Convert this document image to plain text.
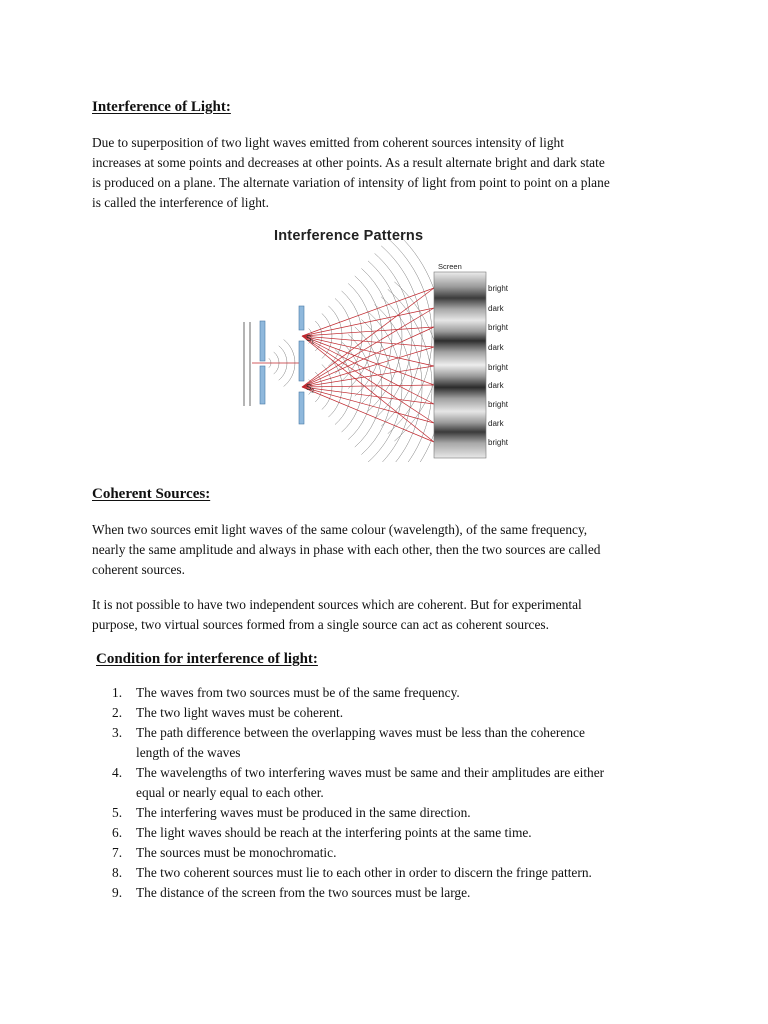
Interference of Light:
Due to superposition of two light waves emitted from coherent sources intensity of light
increases at some points and decreases at other points. As a result alternate bright and dark state
is produced on a plane. The alternate variation of intensity of light from point to point on a plane
is called the interference of light.
Interference Patterns
Screen
$S_1$
$S_2$
bright
dark
bright
dark
bright
dark
bright
dark
bright
Coherent Sources:
When two sources emit light waves of the same colour (wavelength), of the same frequency,
nearly the same amplitude and always in phase with each other, then the two sources are called
coherent sources.
It is not possible to have two independent sources which are coherent. But for experimental
purpose, two virtual sources formed from a single source can act as coherent sources.
Condition for interference of light:
1. The waves from two sources must be of the same frequency.
2. The two light waves must be coherent.
3. The path difference between the overlapping waves must be less than the coherence
length of the waves
4. The wavelengths of two interfering waves must be same and their amplitudes are either
equal or nearly equal to each other.
5. The interfering waves must be produced in the same direction.
6. The light waves should be reach at the interfering points at the same time.
7. The sources must be monochromatic.
8. The two coherent sources must lie to each other in order to discern the fringe pattern.
9. The distance of the screen from the two sources must be large.
